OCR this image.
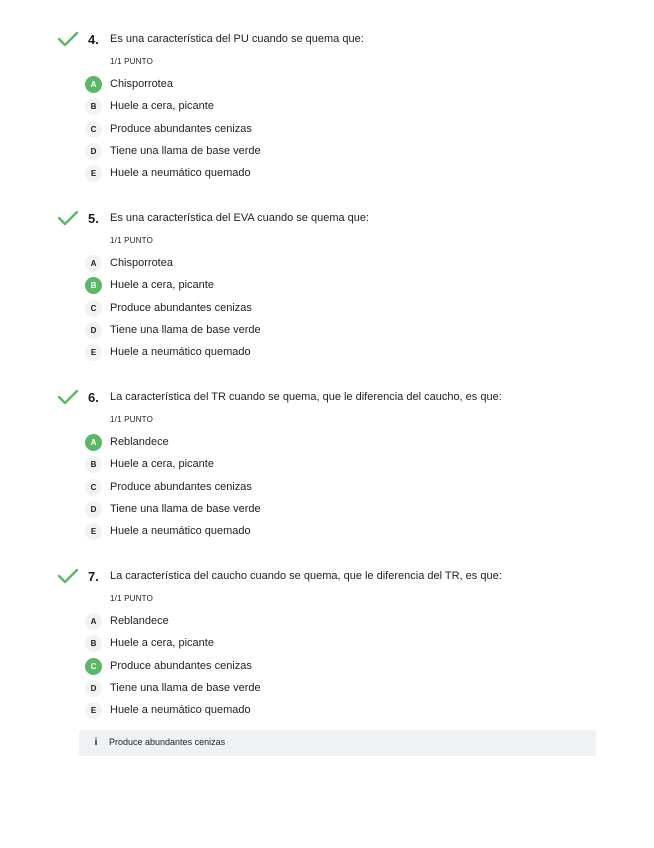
4. Es una característica del PU cuando se quema que:
1/1 PUNTO
A	Chisporrotea
B	Huele a cera, picante
C	Produce abundantes cenizas
D	Tiene una llama de base verde
E	Huele a neumático quemado
5. Es una característica del EVA cuando se quema que:
1/1 PUNTO
A	Chisporrotea
B	Huele a cera, picante
C	Produce abundantes cenizas
D	Tiene una llama de base verde
E	Huele a neumático quemado
6. La característica del TR cuando se quema, que le diferencia del caucho, es que:
1/1 PUNTO
A	Reblandece
B	Huele a cera, picante
C	Produce abundantes cenizas
D	Tiene una llama de base verde
E	Huele a neumático quemado
7. La característica del caucho cuando se quema, que le diferencia del TR, es que:
1/1 PUNTO
A	Reblandece
B	Huele a cera, picante
C	Produce abundantes cenizas
D	Tiene una llama de base verde
E	Huele a neumático quemado
i	Produce abundantes cenizas
